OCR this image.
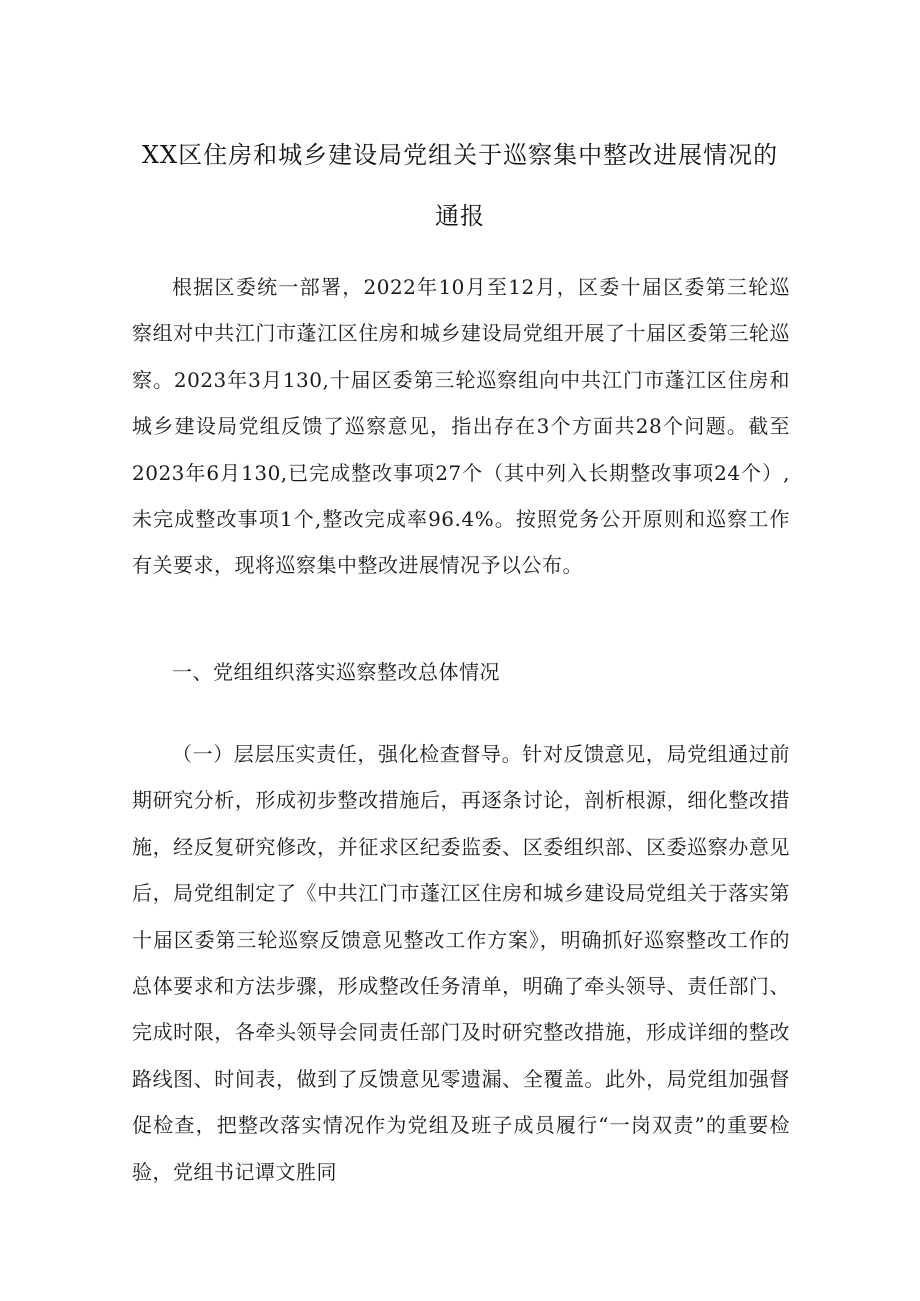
XX区住房和城乡建设局党组关于巡察集中整改进展情况的
通报

根据区委统一部署，2022年10月至12月，区委十届区委第三轮巡察组对中共江门市蓬江区住房和城乡建设局党组开展了十届区委第三轮巡察。2023年3月130,十届区委第三轮巡察组向中共江门市蓬江区住房和城乡建设局党组反馈了巡察意见，指出存在3个方面共28个问题。截至2023年6月130,已完成整改事项27个（其中列入长期整改事项24个）,未完成整改事项1个,整改完成率96.4%。按照党务公开原则和巡察工作有关要求，现将巡察集中整改进展情况予以公布。

一、党组组织落实巡察整改总体情况

（一）层层压实责任，强化检查督导。针对反馈意见，局党组通过前期研究分析，形成初步整改措施后，再逐条讨论，剖析根源，细化整改措施，经反复研究修改，并征求区纪委监委、区委组织部、区委巡察办意见后，局党组制定了《中共江门市蓬江区住房和城乡建设局党组关于落实第十届区委第三轮巡察反馈意见整改工作方案》，明确抓好巡察整改工作的总体要求和方法步骤，形成整改任务清单，明确了牵头领导、责任部门、完成时限，各牵头领导会同责任部门及时研究整改措施，形成详细的整改路线图、时间表，做到了反馈意见零遗漏、全覆盖。此外，局党组加强督促检查，把整改落实情况作为党组及班子成员履行“一岗双责”的重要检验，党组书记谭文胜同
